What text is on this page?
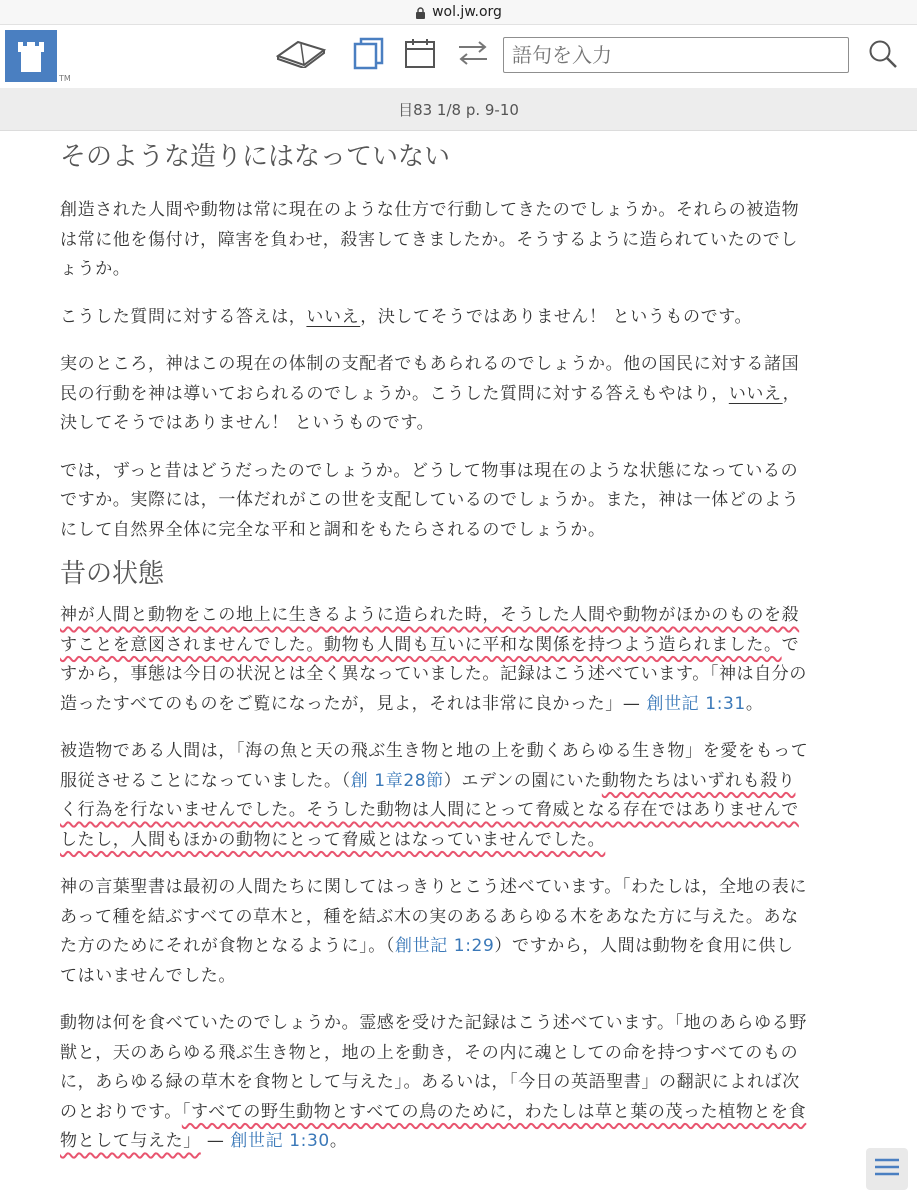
wol.jw.org
TM
語句を入力
目83 1/8 p. 9-10
そのような造りにはなっていない

創造された人間や動物は常に現在のような仕方で行動してきたのでしょうか。それらの被造物は常に他を傷付け，障害を負わせ，殺害してきましたか。そうするように造られていたのでしょうか。

こうした質問に対する答えは，いいえ，決してそうではありません！ というものです。

実のところ，神はこの現在の体制の支配者でもあられるのでしょうか。他の国民に対する諸国民の行動を神は導いておられるのでしょうか。こうした質問に対する答えもやはり，いいえ，決してそうではありません！ というものです。

では，ずっと昔はどうだったのでしょうか。どうして物事は現在のような状態になっているのですか。実際には，一体だれがこの世を支配しているのでしょうか。また，神は一体どのようにして自然界全体に完全な平和と調和をもたらされるのでしょうか。

昔の状態

神が人間と動物をこの地上に生きるように造られた時，そうした人間や動物がほかのものを殺すことを意図されませんでした。動物も人間も互いに平和な関係を持つよう造られました。ですから，事態は今日の状況とは全く異なっていました。記録はこう述べています。「神は自分の造ったすべてのものをご覧になったが，見よ，それは非常に良かった」— 創世記 1:31。

被造物である人間は，「海の魚と天の飛ぶ生き物と地の上を動くあらゆる生き物」を愛をもって服従させることになっていました。（創 1章28節）エデンの園にいた動物たちはいずれも殺りく行為を行ないませんでした。そうした動物は人間にとって脅威となる存在ではありませんでしたし，人間もほかの動物にとって脅威とはなっていませんでした。

神の言葉聖書は最初の人間たちに関してはっきりとこう述べています。「わたしは，全地の表にあって種を結ぶすべての草木と，種を結ぶ木の実のあるあらゆる木をあなた方に与えた。あなた方のためにそれが食物となるように」。（創世記 1:29）ですから，人間は動物を食用に供してはいませんでした。

動物は何を食べていたのでしょうか。霊感を受けた記録はこう述べています。「地のあらゆる野獣と，天のあらゆる飛ぶ生き物と，地の上を動き，その内に魂としての命を持つすべてのものに，あらゆる緑の草木を食物として与えた」。あるいは，「今日の英語聖書」の翻訳によれば次のとおりです。「すべての野生動物とすべての鳥のために，わたしは草と葉の茂った植物とを食物として与えた」 — 創世記 1:30。
